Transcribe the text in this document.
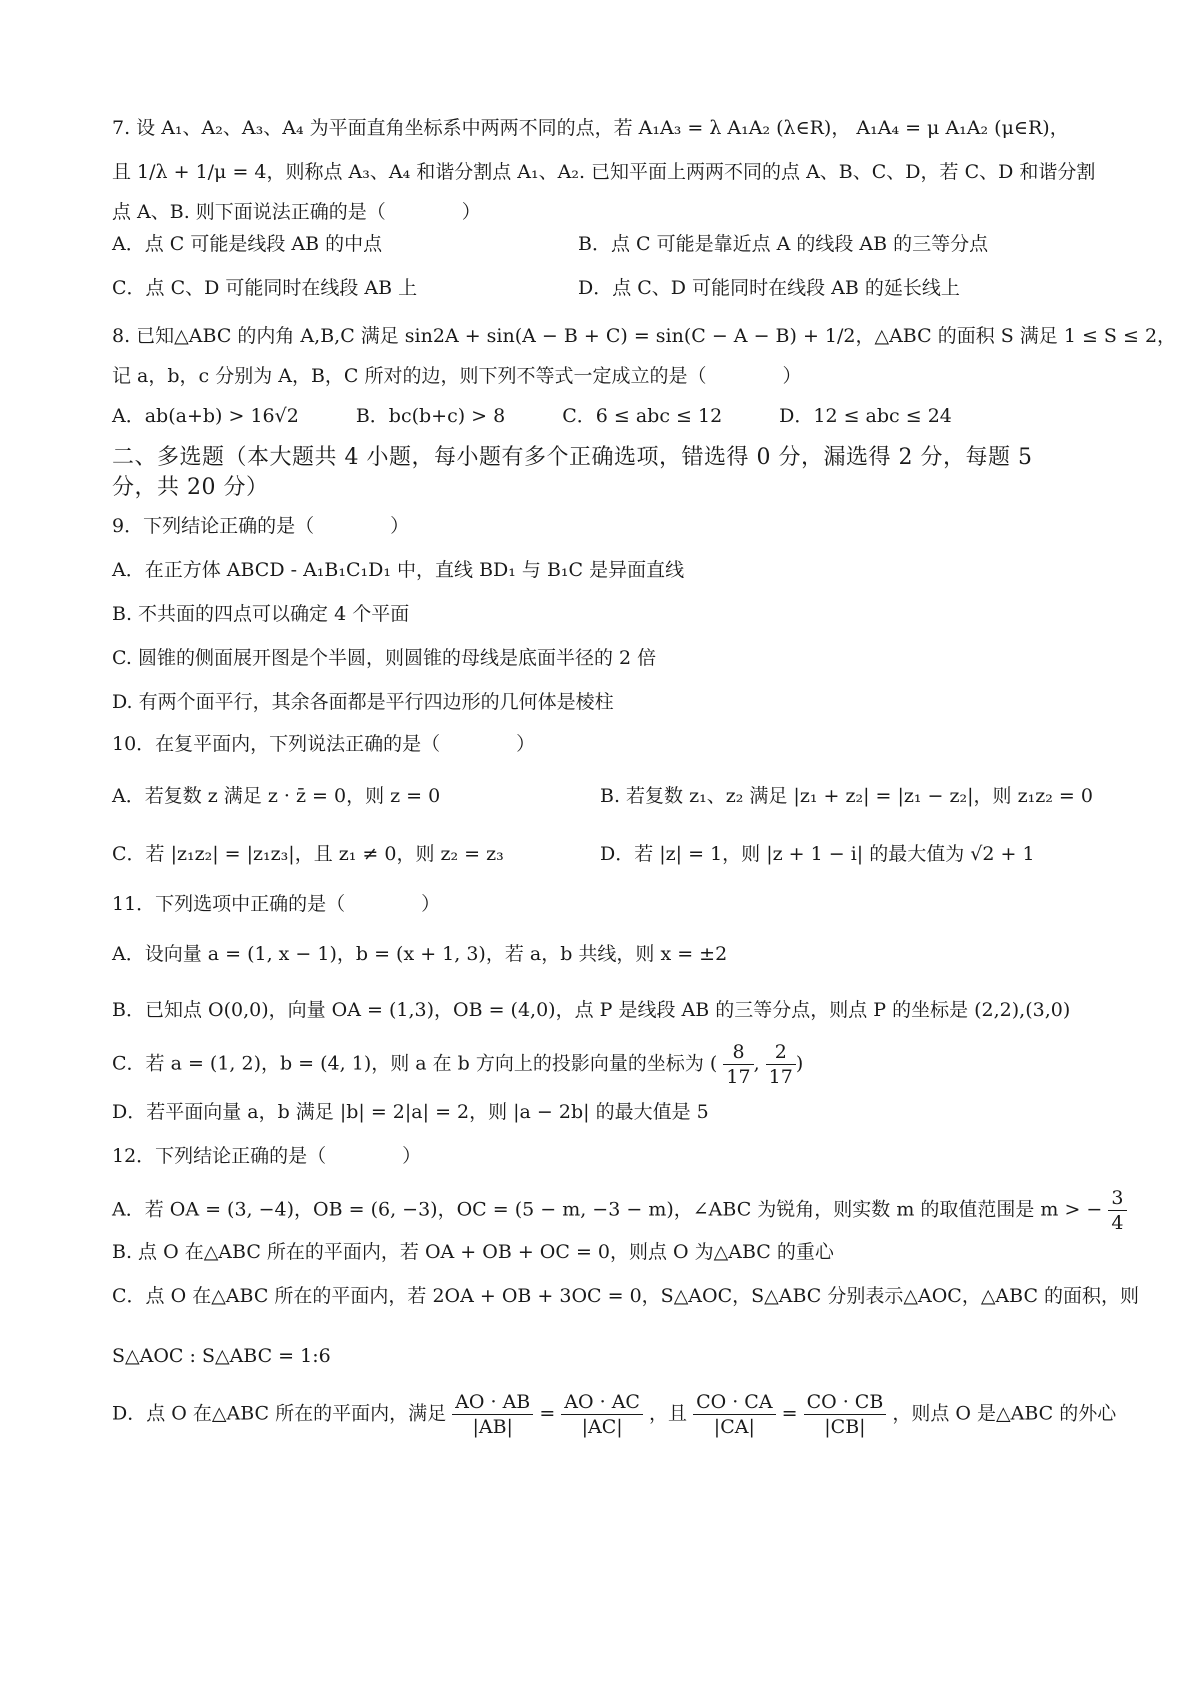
7. 设 A₁、A₂、A₃、A₄ 为平面直角坐标系中两两不同的点，若 A₁A₃ = λ A₁A₂ (λ∈R)， A₁A₄ = μ A₁A₂ (μ∈R)，
且 1/λ + 1/μ = 4，则称点 A₃、A₄ 和谐分割点 A₁、A₂. 已知平面上两两不同的点 A、B、C、D，若 C、D 和谐分割
点 A、B. 则下面说法正确的是（　　　　）
A．点 C 可能是线段 AB 的中点	B．点 C 可能是靠近点 A 的线段 AB 的三等分点
C．点 C、D 可能同时在线段 AB 上	D．点 C、D 可能同时在线段 AB 的延长线上
8. 已知△ABC 的内角 A,B,C 满足 sin2A + sin(A − B + C) = sin(C − A − B) + 1/2，△ABC 的面积 S 满足 1 ≤ S ≤ 2，
记 a，b，c 分别为 A，B，C 所对的边，则下列不等式一定成立的是（　　　　）
A．ab(a+b) > 16√2　　　B．bc(b+c) > 8　　　C．6 ≤ abc ≤ 12　　　D．12 ≤ abc ≤ 24
二、多选题（本大题共 4 小题，每小题有多个正确选项，错选得 0 分，漏选得 2 分，每题 5
分，共 20 分）
9．下列结论正确的是（　　　　）
A．在正方体 ABCD - A₁B₁C₁D₁ 中，直线 BD₁ 与 B₁C 是异面直线
B. 不共面的四点可以确定 4 个平面
C. 圆锥的侧面展开图是个半圆，则圆锥的母线是底面半径的 2 倍
D. 有两个面平行，其余各面都是平行四边形的几何体是棱柱
10．在复平面内，下列说法正确的是（　　　　）
A．若复数 z 满足 z · z̄ = 0，则 z = 0	B. 若复数 z₁、z₂ 满足 |z₁ + z₂| = |z₁ − z₂|，则 z₁z₂ = 0
C．若 |z₁z₂| = |z₁z₃|，且 z₁ ≠ 0，则 z₂ = z₃	D．若 |z| = 1，则 |z + 1 − i| 的最大值为 √2 + 1
11．下列选项中正确的是（　　　　）
A．设向量 a = (1, x − 1)，b = (x + 1, 3)，若 a，b 共线，则 x = ±2
B．已知点 O(0,0)，向量 OA = (1,3)，OB = (4,0)，点 P 是线段 AB 的三等分点，则点 P 的坐标是 (2,2),(3,0)
C．若 a = (1, 2)，b = (4, 1)，则 a 在 b 方向上的投影向量的坐标为 ( $\frac{8}{17}$ , $\frac{2}{17}$ )
D．若平面向量 a，b 满足 |b| = 2|a| = 2，则 |a − 2b| 的最大值是 5
12．下列结论正确的是（　　　　）
A．若 OA = (3, −4)，OB = (6, −3)，OC = (5 − m, −3 − m)，∠ABC 为锐角，则实数 m 的取值范围是 m > − $\frac{3}{4}$
B. 点 O 在△ABC 所在的平面内，若 OA + OB + OC = 0，则点 O 为△ABC 的重心
C．点 O 在△ABC 所在的平面内，若 2OA + OB + 3OC = 0，S△AOC，S△ABC 分别表示△AOC，△ABC 的面积，则
S△AOC : S△ABC = 1:6
D．点 O 在△ABC 所在的平面内，满足 $\frac{AO \cdot AB}{|AB|} = \frac{AO \cdot AC}{|AC|}$ ，且 $\frac{CO \cdot CA}{|CA|} = \frac{CO \cdot CB}{|CB|}$ ，则点 O 是△ABC 的外心
